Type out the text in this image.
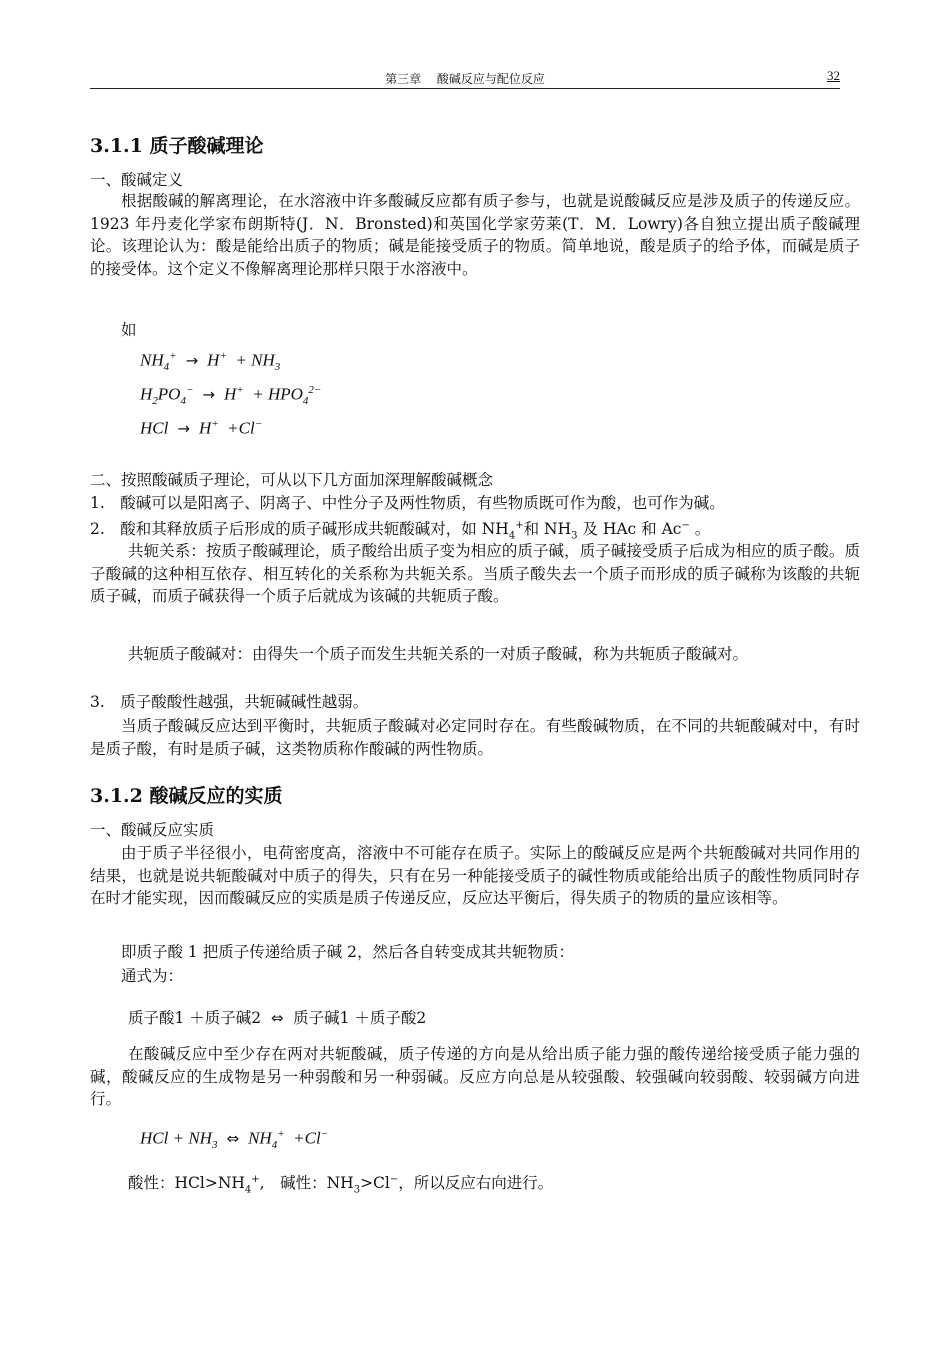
第三章　 酸碱反应与配位反应	32
3.1.1 质子酸碱理论
一、酸碱定义

根据酸碱的解离理论，在水溶液中许多酸碱反应都有质子参与，也就是说酸碱反应是涉及质子的传递反应。1923 年丹麦化学家布朗斯特(J．N．Bronsted)和英国化学家劳莱(T．M．Lowry)各自独立提出质子酸碱理论。该理论认为：酸是能给出质子的物质；碱是能接受质子的物质。简单地说，酸是质子的给予体，而碱是质子的接受体。这个定义不像解离理论那样只限于水溶液中。

如
$NH_4^+ \to H^+ + NH_3$
$H_2PO_4^- \to H^+ + HPO_4^{2-}$
HCl  →  H+  +Cl−
二、按照酸碱质子理论，可从以下几方面加深理解酸碱概念
1.　酸碱可以是阳离子、阴离子、中性分子及两性物质，有些物质既可作为酸，也可作为碱。
2.　酸和其释放质子后形成的质子碱形成共轭酸碱对，如 $NH_4^+$和 $NH_3$ 及 HAc 和 Ac− 。

共轭关系：按质子酸碱理论，质子酸给出质子变为相应的质子碱，质子碱接受质子后成为相应的质子酸。质子酸碱的这种相互依存、相互转化的关系称为共轭关系。当质子酸失去一个质子而形成的质子碱称为该酸的共轭质子碱，而质子碱获得一个质子后就成为该碱的共轭质子酸。

共轭质子酸碱对：由得失一个质子而发生共轭关系的一对质子酸碱，称为共轭质子酸碱对。

3.　质子酸酸性越强，共轭碱碱性越弱。

当质子酸碱反应达到平衡时，共轭质子酸碱对必定同时存在。有些酸碱物质，在不同的共轭酸碱对中，有时是质子酸，有时是质子碱，这类物质称作酸碱的两性物质。

3.1.2 酸碱反应的实质
一、酸碱反应实质

由于质子半径很小，电荷密度高，溶液中不可能存在质子。实际上的酸碱反应是两个共轭酸碱对共同作用的结果，也就是说共轭酸碱对中质子的得失，只有在另一种能接受质子的碱性物质或能给出质子的酸性物质同时存在时才能实现，因而酸碱反应的实质是质子传递反应，反应达平衡后，得失质子的物质的量应该相等。

即质子酸 1 把质子传递给质子碱 2，然后各自转变成其共轭物质：
通式为：
质子酸1 ＋质子碱2  ⇔  质子碱1 ＋质子酸2

在酸碱反应中至少存在两对共轭酸碱，质子传递的方向是从给出质子能力强的酸传递给接受质子能力强的碱，酸碱反应的生成物是另一种弱酸和另一种弱碱。反应方向总是从较强酸、较强碱向较弱酸、较弱碱方向进行。

HCl + $NH_3$  ⇔  $NH_4^+ +Cl^-$
酸性：$HCl>NH_4^+$,　碱性：$NH_3>Cl^-$，所以反应右向进行。
